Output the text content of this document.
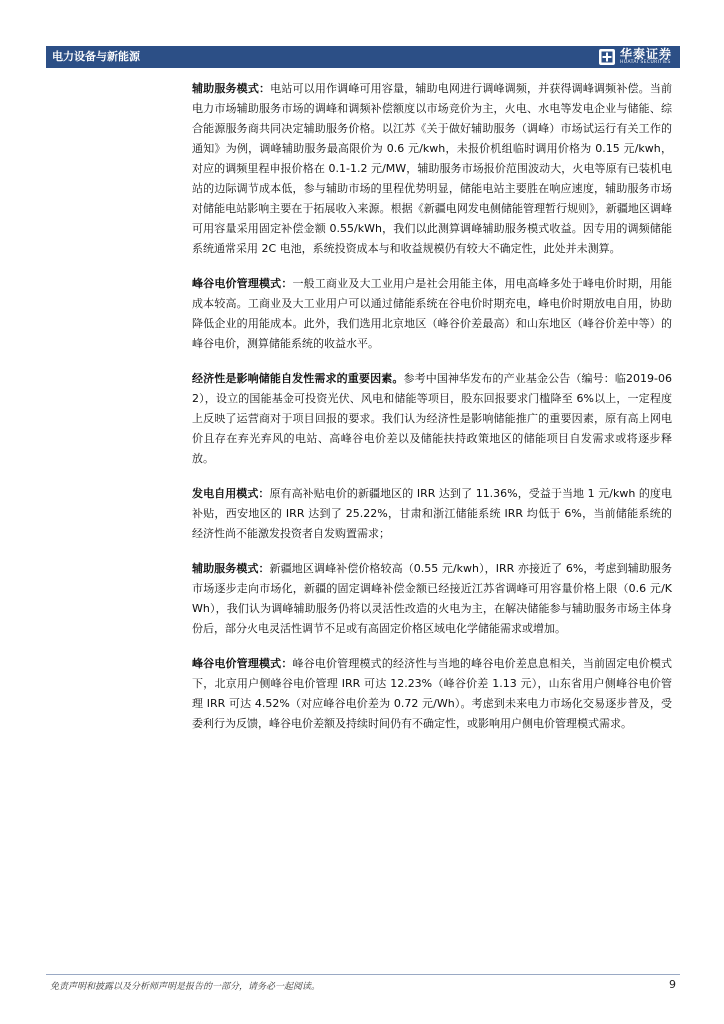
电力设备与新能源	华泰证券
HUATAI SECURITIES

辅助服务模式：电站可以用作调峰可用容量，辅助电网进行调峰调频，并获得调峰调频补偿。当前电力市场辅助服务市场的调峰和调频补偿额度以市场竞价为主，火电、水电等发电企业与储能、综合能源服务商共同决定辅助服务价格。以江苏《关于做好辅助服务（调峰）市场试运行有关工作的通知》为例，调峰辅助服务最高限价为 0.6 元/kwh，未报价机组临时调用价格为 0.15 元/kwh，对应的调频里程申报价格在 0.1-1.2 元/MW，辅助服务市场报价范围波动大，火电等原有已装机电站的边际调节成本低，参与辅助市场的里程优势明显，储能电站主要胜在响应速度，辅助服务市场对储能电站影响主要在于拓展收入来源。根据《新疆电网发电侧储能管理暂行规则》，新疆地区调峰可用容量采用固定补偿金额 0.55/kWh，我们以此测算调峰辅助服务模式收益。因专用的调频储能系统通常采用 2C 电池，系统投资成本与和收益规模仍有较大不确定性，此处并未测算。

峰谷电价管理模式：一般工商业及大工业用户是社会用能主体，用电高峰多处于峰电价时期，用能成本较高。工商业及大工业用户可以通过储能系统在谷电价时期充电，峰电价时期放电自用，协助降低企业的用能成本。此外，我们选用北京地区（峰谷价差最高）和山东地区（峰谷价差中等）的峰谷电价，测算储能系统的收益水平。

经济性是影响储能自发性需求的重要因素。参考中国神华发布的产业基金公告（编号：临2019-062），设立的国能基金可投资光伏、风电和储能等项目，股东回报要求门槛降至 6%以上，一定程度上反映了运营商对于项目回报的要求。我们认为经济性是影响储能推广的重要因素，原有高上网电价且存在弃光弃风的电站、高峰谷电价差以及储能扶持政策地区的储能项目自发需求或将逐步释放。

发电自用模式：原有高补贴电价的新疆地区的 IRR 达到了 11.36%，受益于当地 1 元/kwh 的度电补贴，西安地区的 IRR 达到了 25.22%，甘肃和浙江储能系统 IRR 均低于 6%，当前储能系统的经济性尚不能激发投资者自发购置需求；

辅助服务模式：新疆地区调峰补偿价格较高（0.55 元/kwh），IRR 亦接近了 6%，考虑到辅助服务市场逐步走向市场化，新疆的固定调峰补偿金额已经接近江苏省调峰可用容量价格上限（0.6 元/KWh），我们认为调峰辅助服务仍将以灵活性改造的火电为主，在解决储能参与辅助服务市场主体身份后，部分火电灵活性调节不足或有高固定价格区域电化学储能需求或增加。

峰谷电价管理模式：峰谷电价管理模式的经济性与当地的峰谷电价差息息相关，当前固定电价模式下，北京用户侧峰谷电价管理 IRR 可达 12.23%（峰谷价差 1.13 元），山东省用户侧峰谷电价管理 IRR 可达 4.52%（对应峰谷电价差为 0.72 元/Wh）。考虑到未来电力市场化交易逐步普及，受委利行为反馈，峰谷电价差额及持续时间仍有不确定性，或影响用户侧电价管理模式需求。

免责声明和披露以及分析师声明是报告的一部分，请务必一起阅读。	9
